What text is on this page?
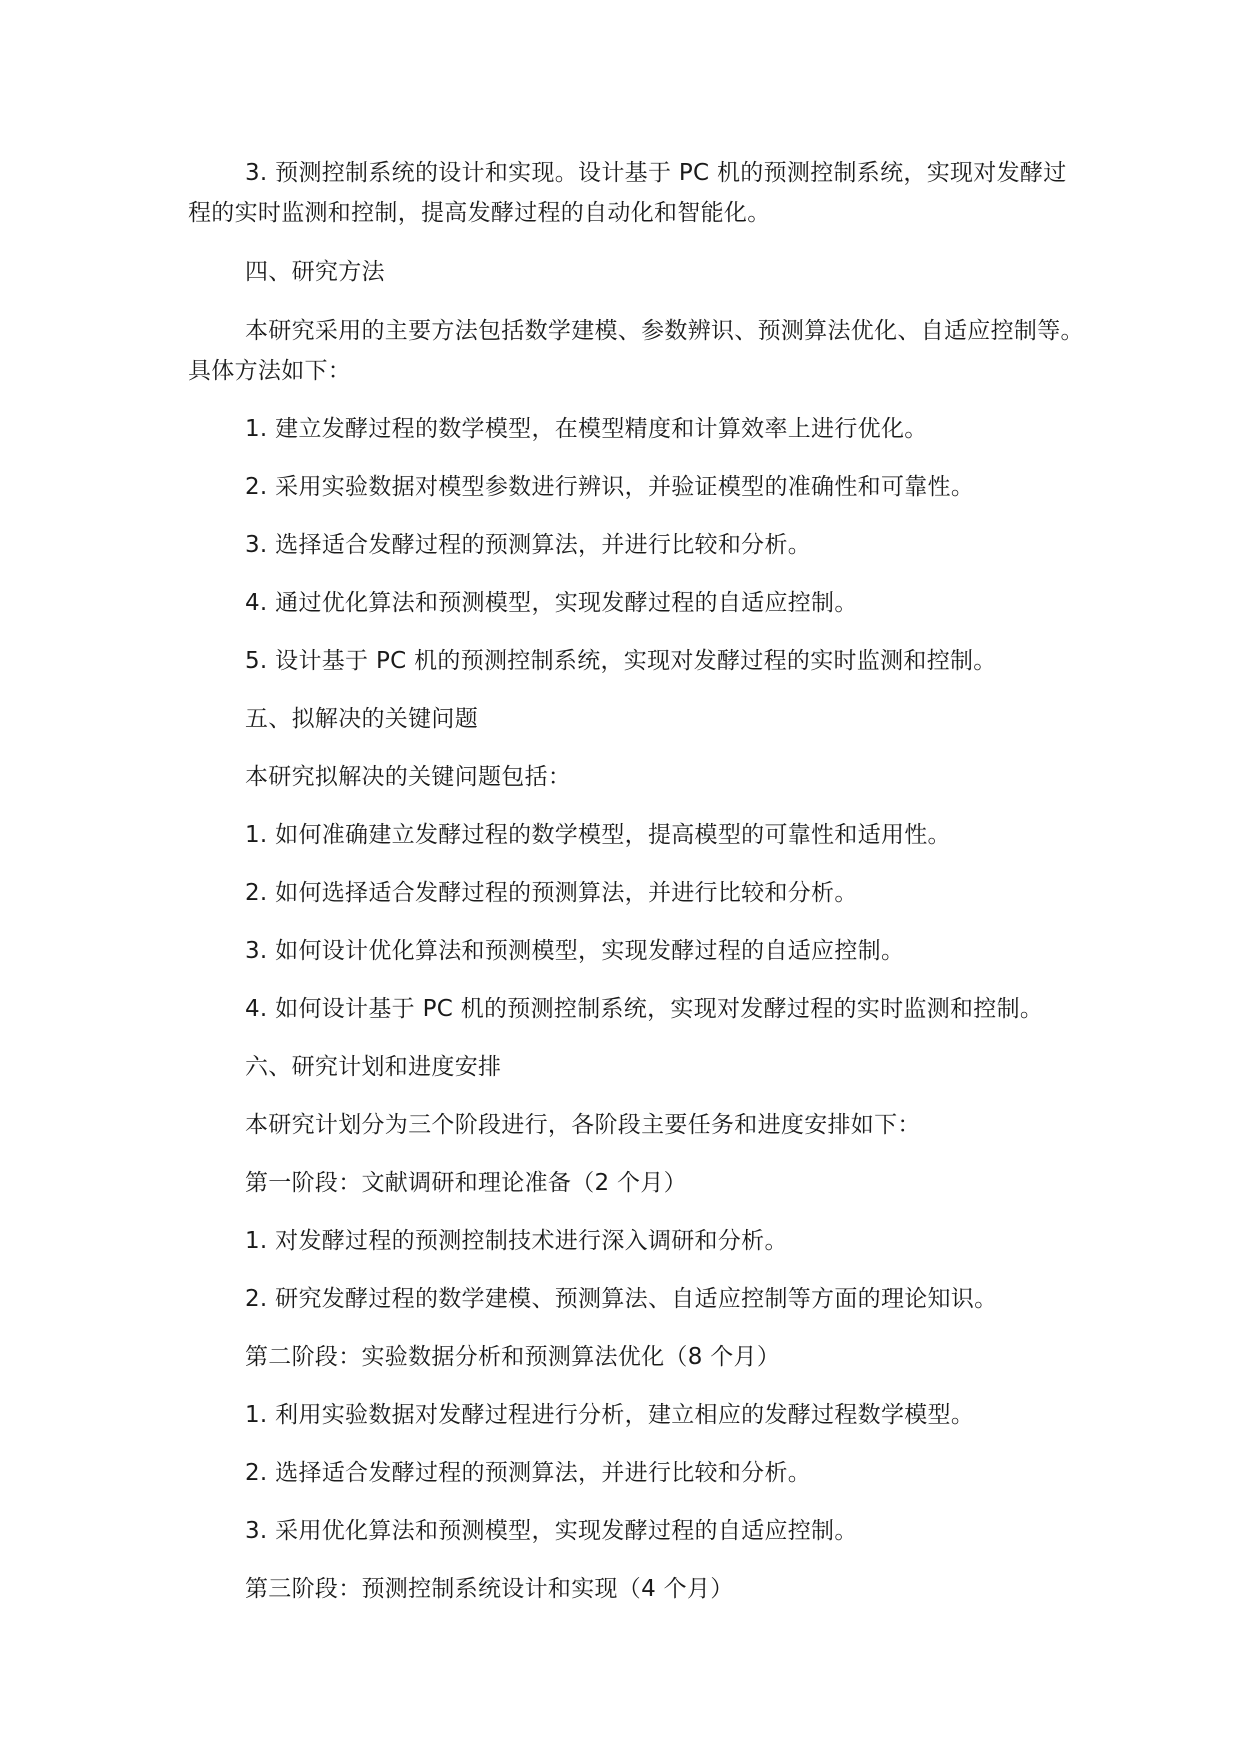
3. 预测控制系统的设计和实现。设计基于 PC 机的预测控制系统，实现对发酵过
程的实时监测和控制，提高发酵过程的自动化和智能化。
四、研究方法
本研究采用的主要方法包括数学建模、参数辨识、预测算法优化、自适应控制等。
具体方法如下：
1. 建立发酵过程的数学模型，在模型精度和计算效率上进行优化。
2. 采用实验数据对模型参数进行辨识，并验证模型的准确性和可靠性。
3. 选择适合发酵过程的预测算法，并进行比较和分析。
4. 通过优化算法和预测模型，实现发酵过程的自适应控制。
5. 设计基于 PC 机的预测控制系统，实现对发酵过程的实时监测和控制。
五、拟解决的关键问题
本研究拟解决的关键问题包括：
1. 如何准确建立发酵过程的数学模型，提高模型的可靠性和适用性。
2. 如何选择适合发酵过程的预测算法，并进行比较和分析。
3. 如何设计优化算法和预测模型，实现发酵过程的自适应控制。
4. 如何设计基于 PC 机的预测控制系统，实现对发酵过程的实时监测和控制。
六、研究计划和进度安排
本研究计划分为三个阶段进行，各阶段主要任务和进度安排如下：
第一阶段：文献调研和理论准备（2 个月）
1. 对发酵过程的预测控制技术进行深入调研和分析。
2. 研究发酵过程的数学建模、预测算法、自适应控制等方面的理论知识。
第二阶段：实验数据分析和预测算法优化（8 个月）
1. 利用实验数据对发酵过程进行分析，建立相应的发酵过程数学模型。
2. 选择适合发酵过程的预测算法，并进行比较和分析。
3. 采用优化算法和预测模型，实现发酵过程的自适应控制。
第三阶段：预测控制系统设计和实现（4 个月）
